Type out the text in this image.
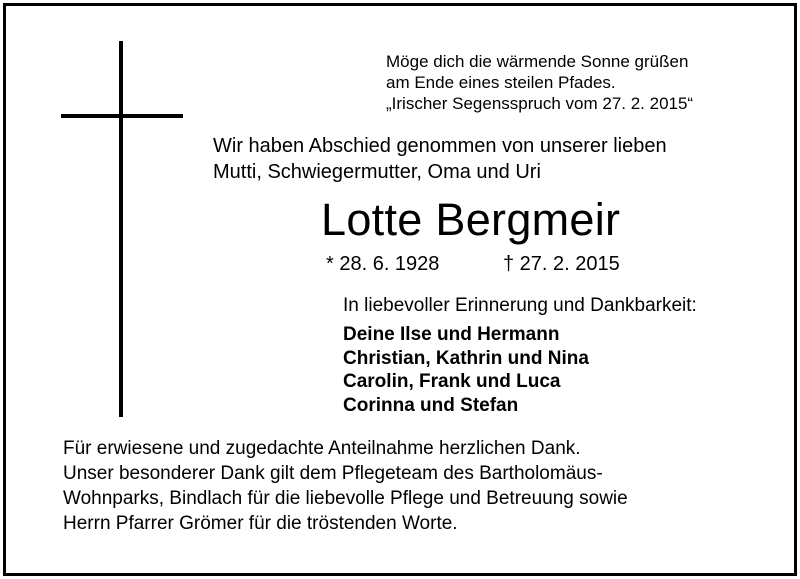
Möge dich die wärmende Sonne grüßen
am Ende eines steilen Pfades.
„Irischer Segensspruch vom 27. 2. 2015“
Wir haben Abschied genommen von unserer lieben
Mutti, Schwiegermutter, Oma und Uri
Lotte Bergmeir
* 28. 6. 1928	† 27. 2. 2015
In liebevoller Erinnerung und Dankbarkeit:
Deine Ilse und Hermann
Christian, Kathrin und Nina
Carolin, Frank und Luca
Corinna und Stefan
Für erwiesene und zugedachte Anteilnahme herzlichen Dank.
Unser besonderer Dank gilt dem Pflegeteam des Bartholomäus-
Wohnparks, Bindlach für die liebevolle Pflege und Betreuung sowie
Herrn Pfarrer Grömer für die tröstenden Worte.
